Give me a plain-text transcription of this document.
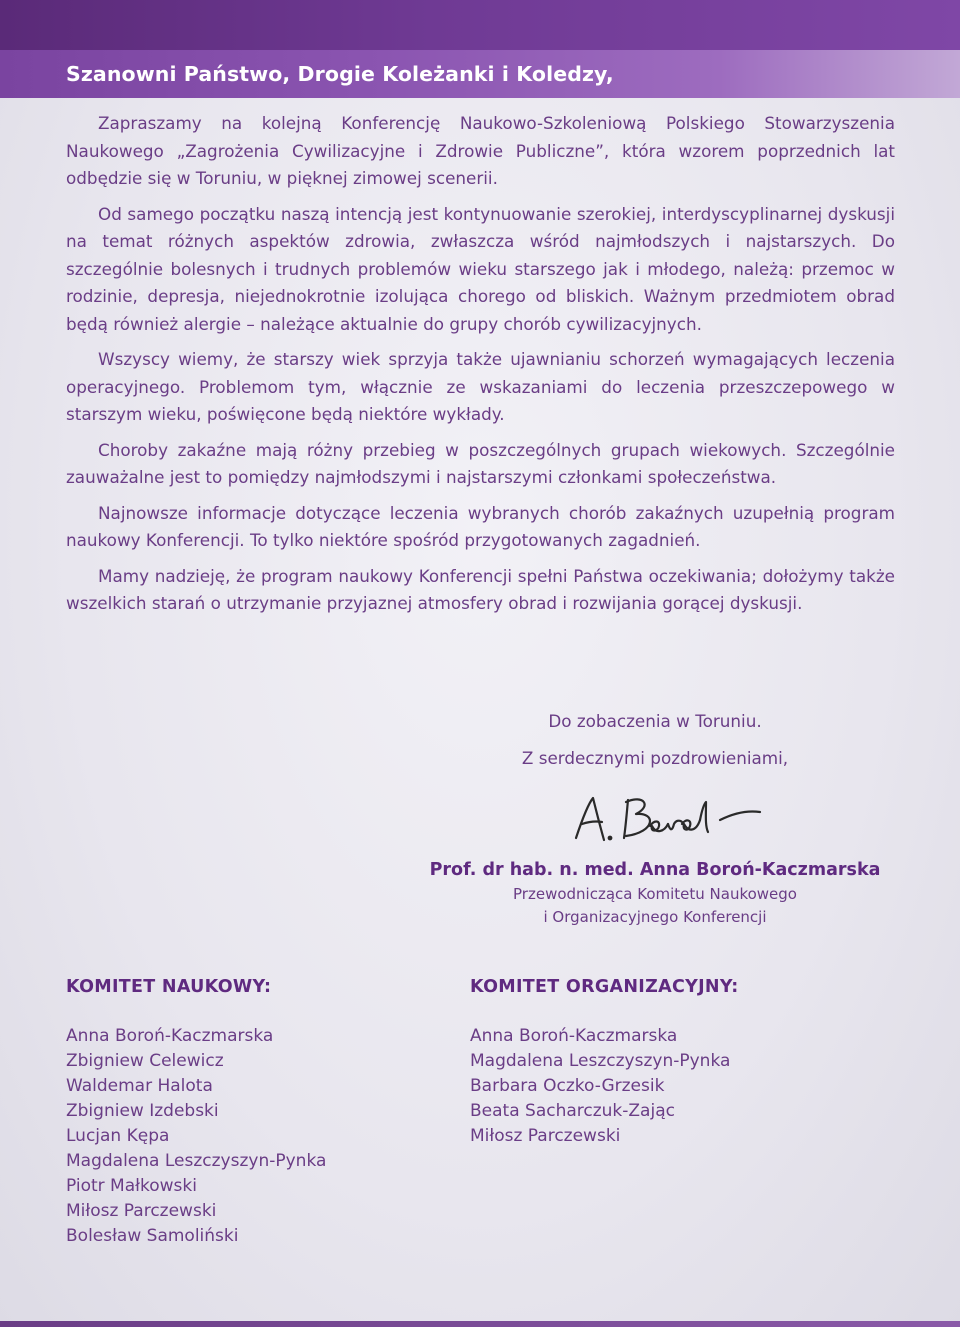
Szanowni Państwo, Drogie Koleżanki i Koledzy,

Zapraszamy na kolejną Konferencję Naukowo-Szkoleniową Polskiego Stowarzyszenia Naukowego „Zagrożenia Cywilizacyjne i Zdrowie Publiczne”, która wzorem poprzednich lat odbędzie się w Toruniu, w pięknej zimowej scenerii.

Od samego początku naszą intencją jest kontynuowanie szerokiej, interdyscyplinarnej dyskusji na temat różnych aspektów zdrowia, zwłaszcza wśród najmłodszych i najstarszych. Do szczególnie bolesnych i trudnych problemów wieku starszego jak i młodego, należą: przemoc w rodzinie, depresja, niejednokrotnie izolująca chorego od bliskich. Ważnym przedmiotem obrad będą również alergie – należące aktualnie do grupy chorób cywilizacyjnych.

Wszyscy wiemy, że starszy wiek sprzyja także ujawnianiu schorzeń wymagających leczenia operacyjnego. Problemom tym, włącznie ze wskazaniami do leczenia przeszczepowego w starszym wieku, poświęcone będą niektóre wykłady.

Choroby zakaźne mają różny przebieg w poszczególnych grupach wiekowych. Szczególnie zauważalne jest to pomiędzy najmłodszymi i najstarszymi członkami społeczeństwa.

Najnowsze informacje dotyczące leczenia wybranych chorób zakaźnych uzupełnią program naukowy Konferencji. To tylko niektóre spośród przygotowanych zagadnień.

Mamy nadzieję, że program naukowy Konferencji spełni Państwa oczekiwania; dołożymy także wszelkich starań o utrzymanie przyjaznej atmosfery obrad i rozwijania gorącej dyskusji.

Do zobaczenia w Toruniu.
Z serdecznymi pozdrowieniami,
Prof. dr hab. n. med. Anna Boroń-Kaczmarska
Przewodnicząca Komitetu Naukowego
i Organizacyjnego Konferencji
KOMITET NAUKOWY:
Anna Boroń-Kaczmarska
Zbigniew Celewicz
Waldemar Halota
Zbigniew Izdebski
Lucjan Kępa
Magdalena Leszczyszyn-Pynka
Piotr Małkowski
Miłosz Parczewski
Bolesław Samoliński
KOMITET ORGANIZACYJNY:
Anna Boroń-Kaczmarska
Magdalena Leszczyszyn-Pynka
Barbara Oczko-Grzesik
Beata Sacharczuk-Zając
Miłosz Parczewski
